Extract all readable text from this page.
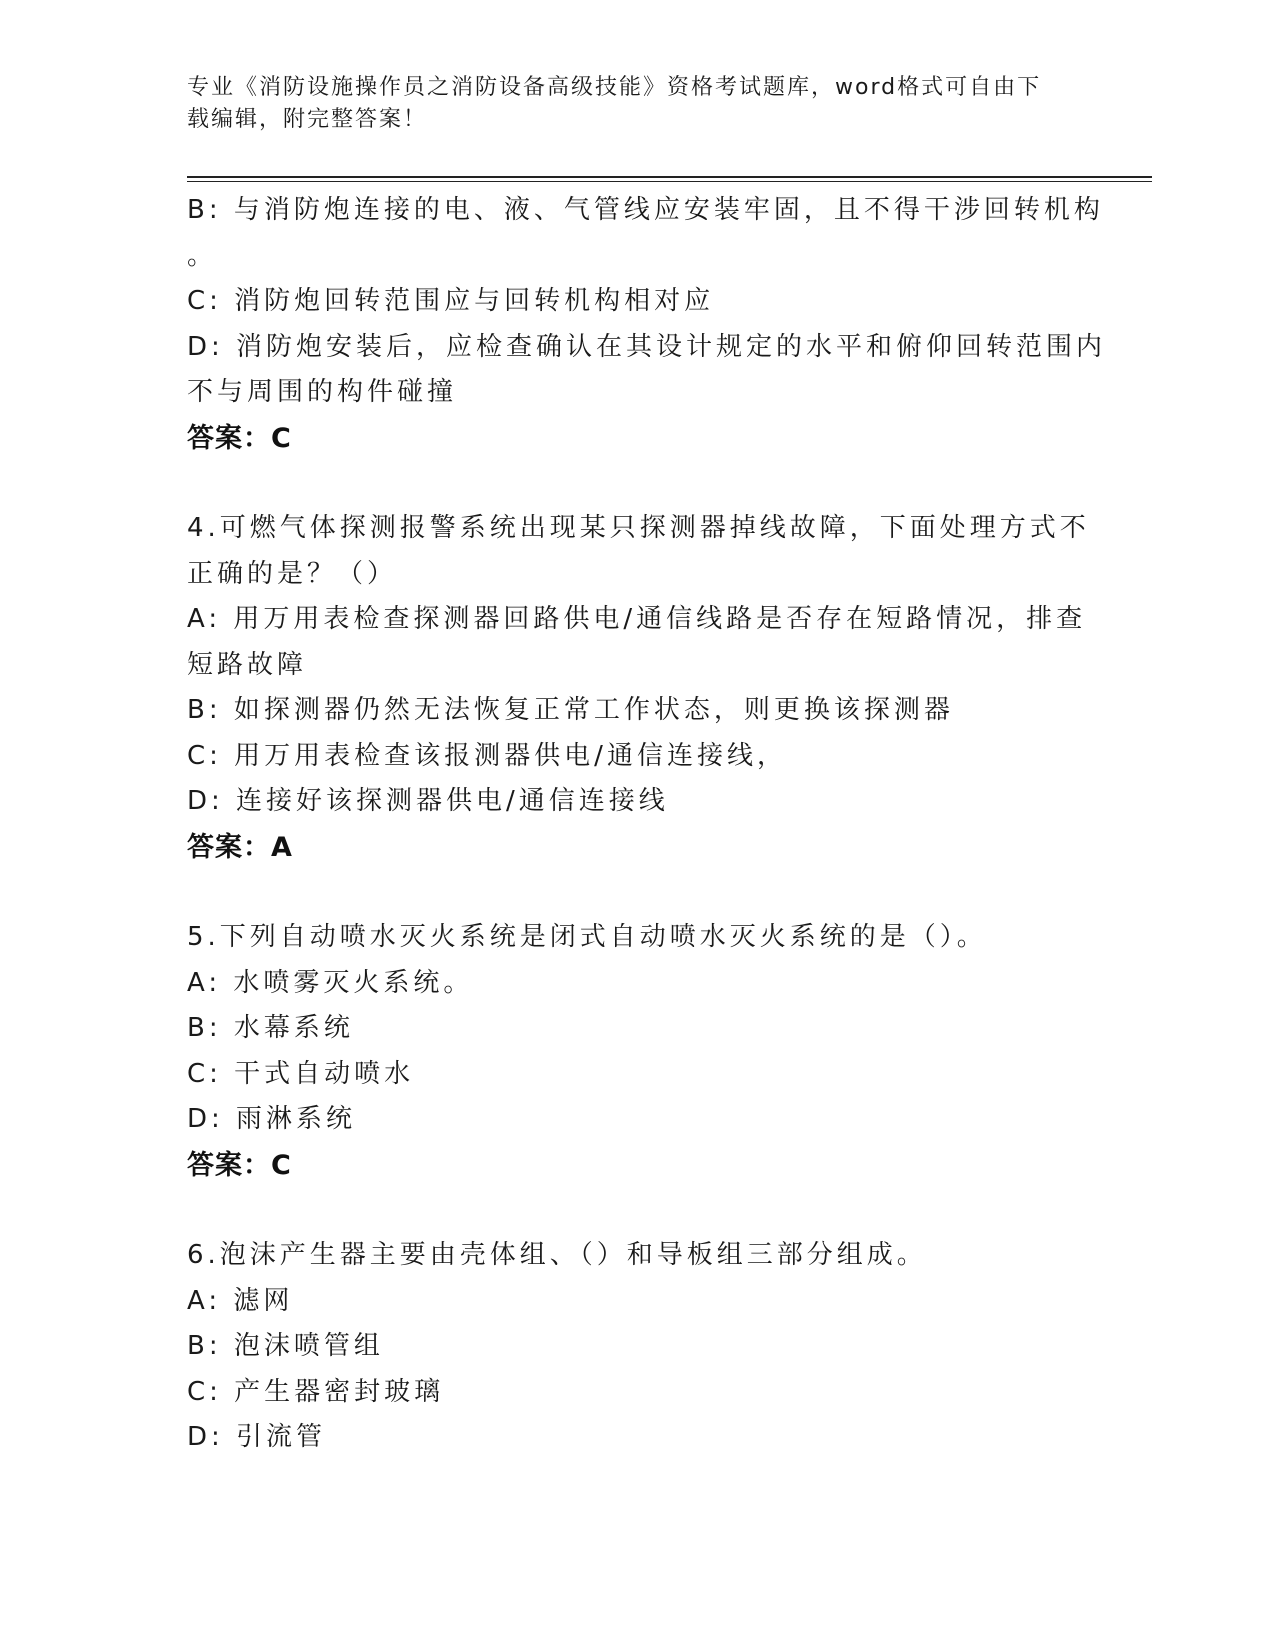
专业《消防设施操作员之消防设备高级技能》资格考试题库，word格式可自由下
载编辑，附完整答案！
B: 与消防炮连接的电、液、气管线应安装牢固，且不得干涉回转机构
。
C: 消防炮回转范围应与回转机构相对应
D: 消防炮安装后，应检查确认在其设计规定的水平和俯仰回转范围内
不与周围的构件碰撞
答案：C
4.可燃气体探测报警系统出现某只探测器掉线故障，下面处理方式不
正确的是？（）
A: 用万用表检查探测器回路供电/通信线路是否存在短路情况，排查
短路故障
B: 如探测器仍然无法恢复正常工作状态，则更换该探测器
C: 用万用表检查该报测器供电/通信连接线，
D: 连接好该探测器供电/通信连接线
答案：A
5.下列自动喷水灭火系统是闭式自动喷水灭火系统的是（）。
A: 水喷雾灭火系统。
B: 水幕系统
C: 干式自动喷水
D: 雨淋系统
答案：C
6.泡沫产生器主要由壳体组、（）和导板组三部分组成。
A: 滤网
B: 泡沫喷管组
C: 产生器密封玻璃
D: 引流管
